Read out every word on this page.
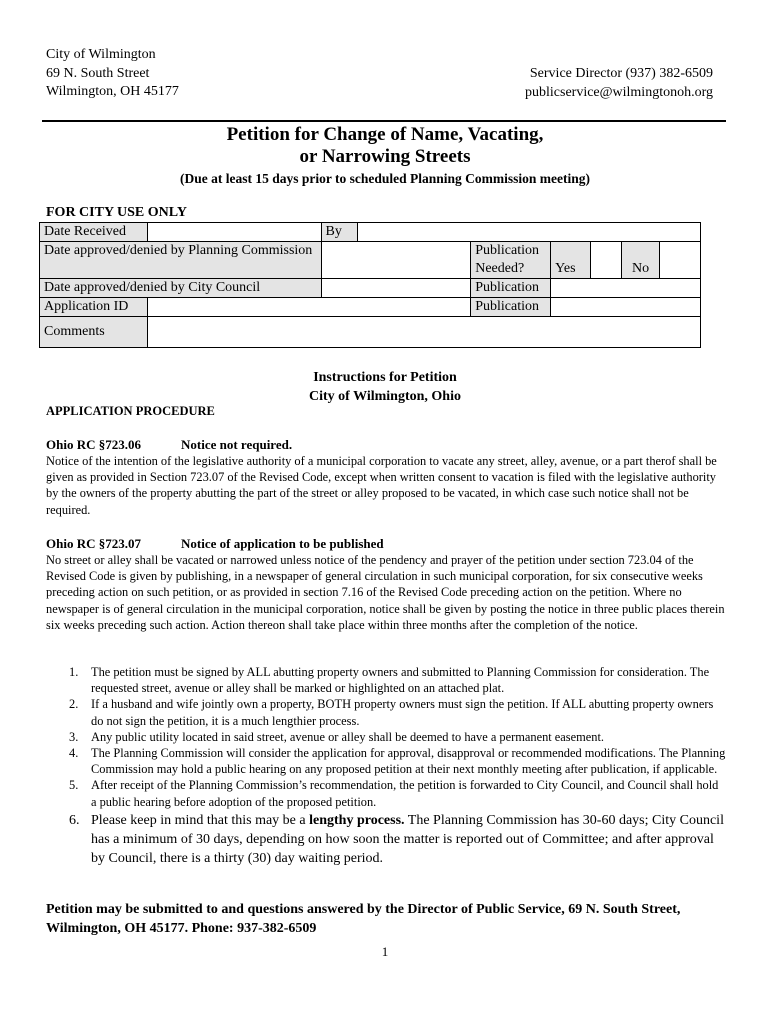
City of Wilmington
69 N. South Street
Wilmington, OH 45177
Service Director (937) 382-6509
publicservice@wilmingtonoh.org
Petition for Change of Name, Vacating,
or Narrowing Streets
(Due at least 15 days prior to scheduled Planning Commission meeting)
FOR CITY USE ONLY
Date Received		By						
Date approved/denied by Planning Commission				Publication Needed?	Yes		No	
Date approved/denied by City Council				Publication				
Application ID				Publication				
Comments								
Instructions for Petition
City of Wilmington, Ohio
APPLICATION PROCEDURE
Ohio RC §723.06	Notice not required.
Notice of the intention of the legislative authority of a municipal corporation to vacate any street, alley, avenue, or a part therof shall be given as provided in Section 723.07 of the Revised Code, except when written consent to vacation is filed with the legislative authority by the owners of the property abutting the part of the street or alley proposed to be vacated, in which case such notice shall not be required.
Ohio RC §723.07	Notice of application to be published
No street or alley shall be vacated or narrowed unless notice of the pendency and prayer of the petition under section 723.04 of the Revised Code is given by publishing, in a newspaper of general circulation in such municipal corporation, for six consecutive weeks preceding action on such petition, or as provided in section 7.16 of the Revised Code preceding action on the petition. Where no newspaper is of general circulation in the municipal corporation, notice shall be given by posting the notice in three public places therein six weeks preceding such action. Action thereon shall take place within three months after the completion of the notice.
1. The petition must be signed by ALL abutting property owners and submitted to Planning Commission for consideration. The requested street, avenue or alley shall be marked or highlighted on an attached plat.
2. If a husband and wife jointly own a property, BOTH property owners must sign the petition. If ALL abutting property owners do not sign the petition, it is a much lengthier process.
3. Any public utility located in said street, avenue or alley shall be deemed to have a permanent easement.
4. The Planning Commission will consider the application for approval, disapproval or recommended modifications. The Planning Commission may hold a public hearing on any proposed petition at their next monthly meeting after publication, if applicable.
5. After receipt of the Planning Commission’s recommendation, the petition is forwarded to City Council, and Council shall hold a public hearing before adoption of the proposed petition.
6. Please keep in mind that this may be a lengthy process. The Planning Commission has 30-60 days; City Council has a minimum of 30 days, depending on how soon the matter is reported out of Committee; and after approval by Council, there is a thirty (30) day waiting period.
Petition may be submitted to and questions answered by the Director of Public Service, 69 N. South Street, Wilmington, OH 45177. Phone: 937-382-6509
1
